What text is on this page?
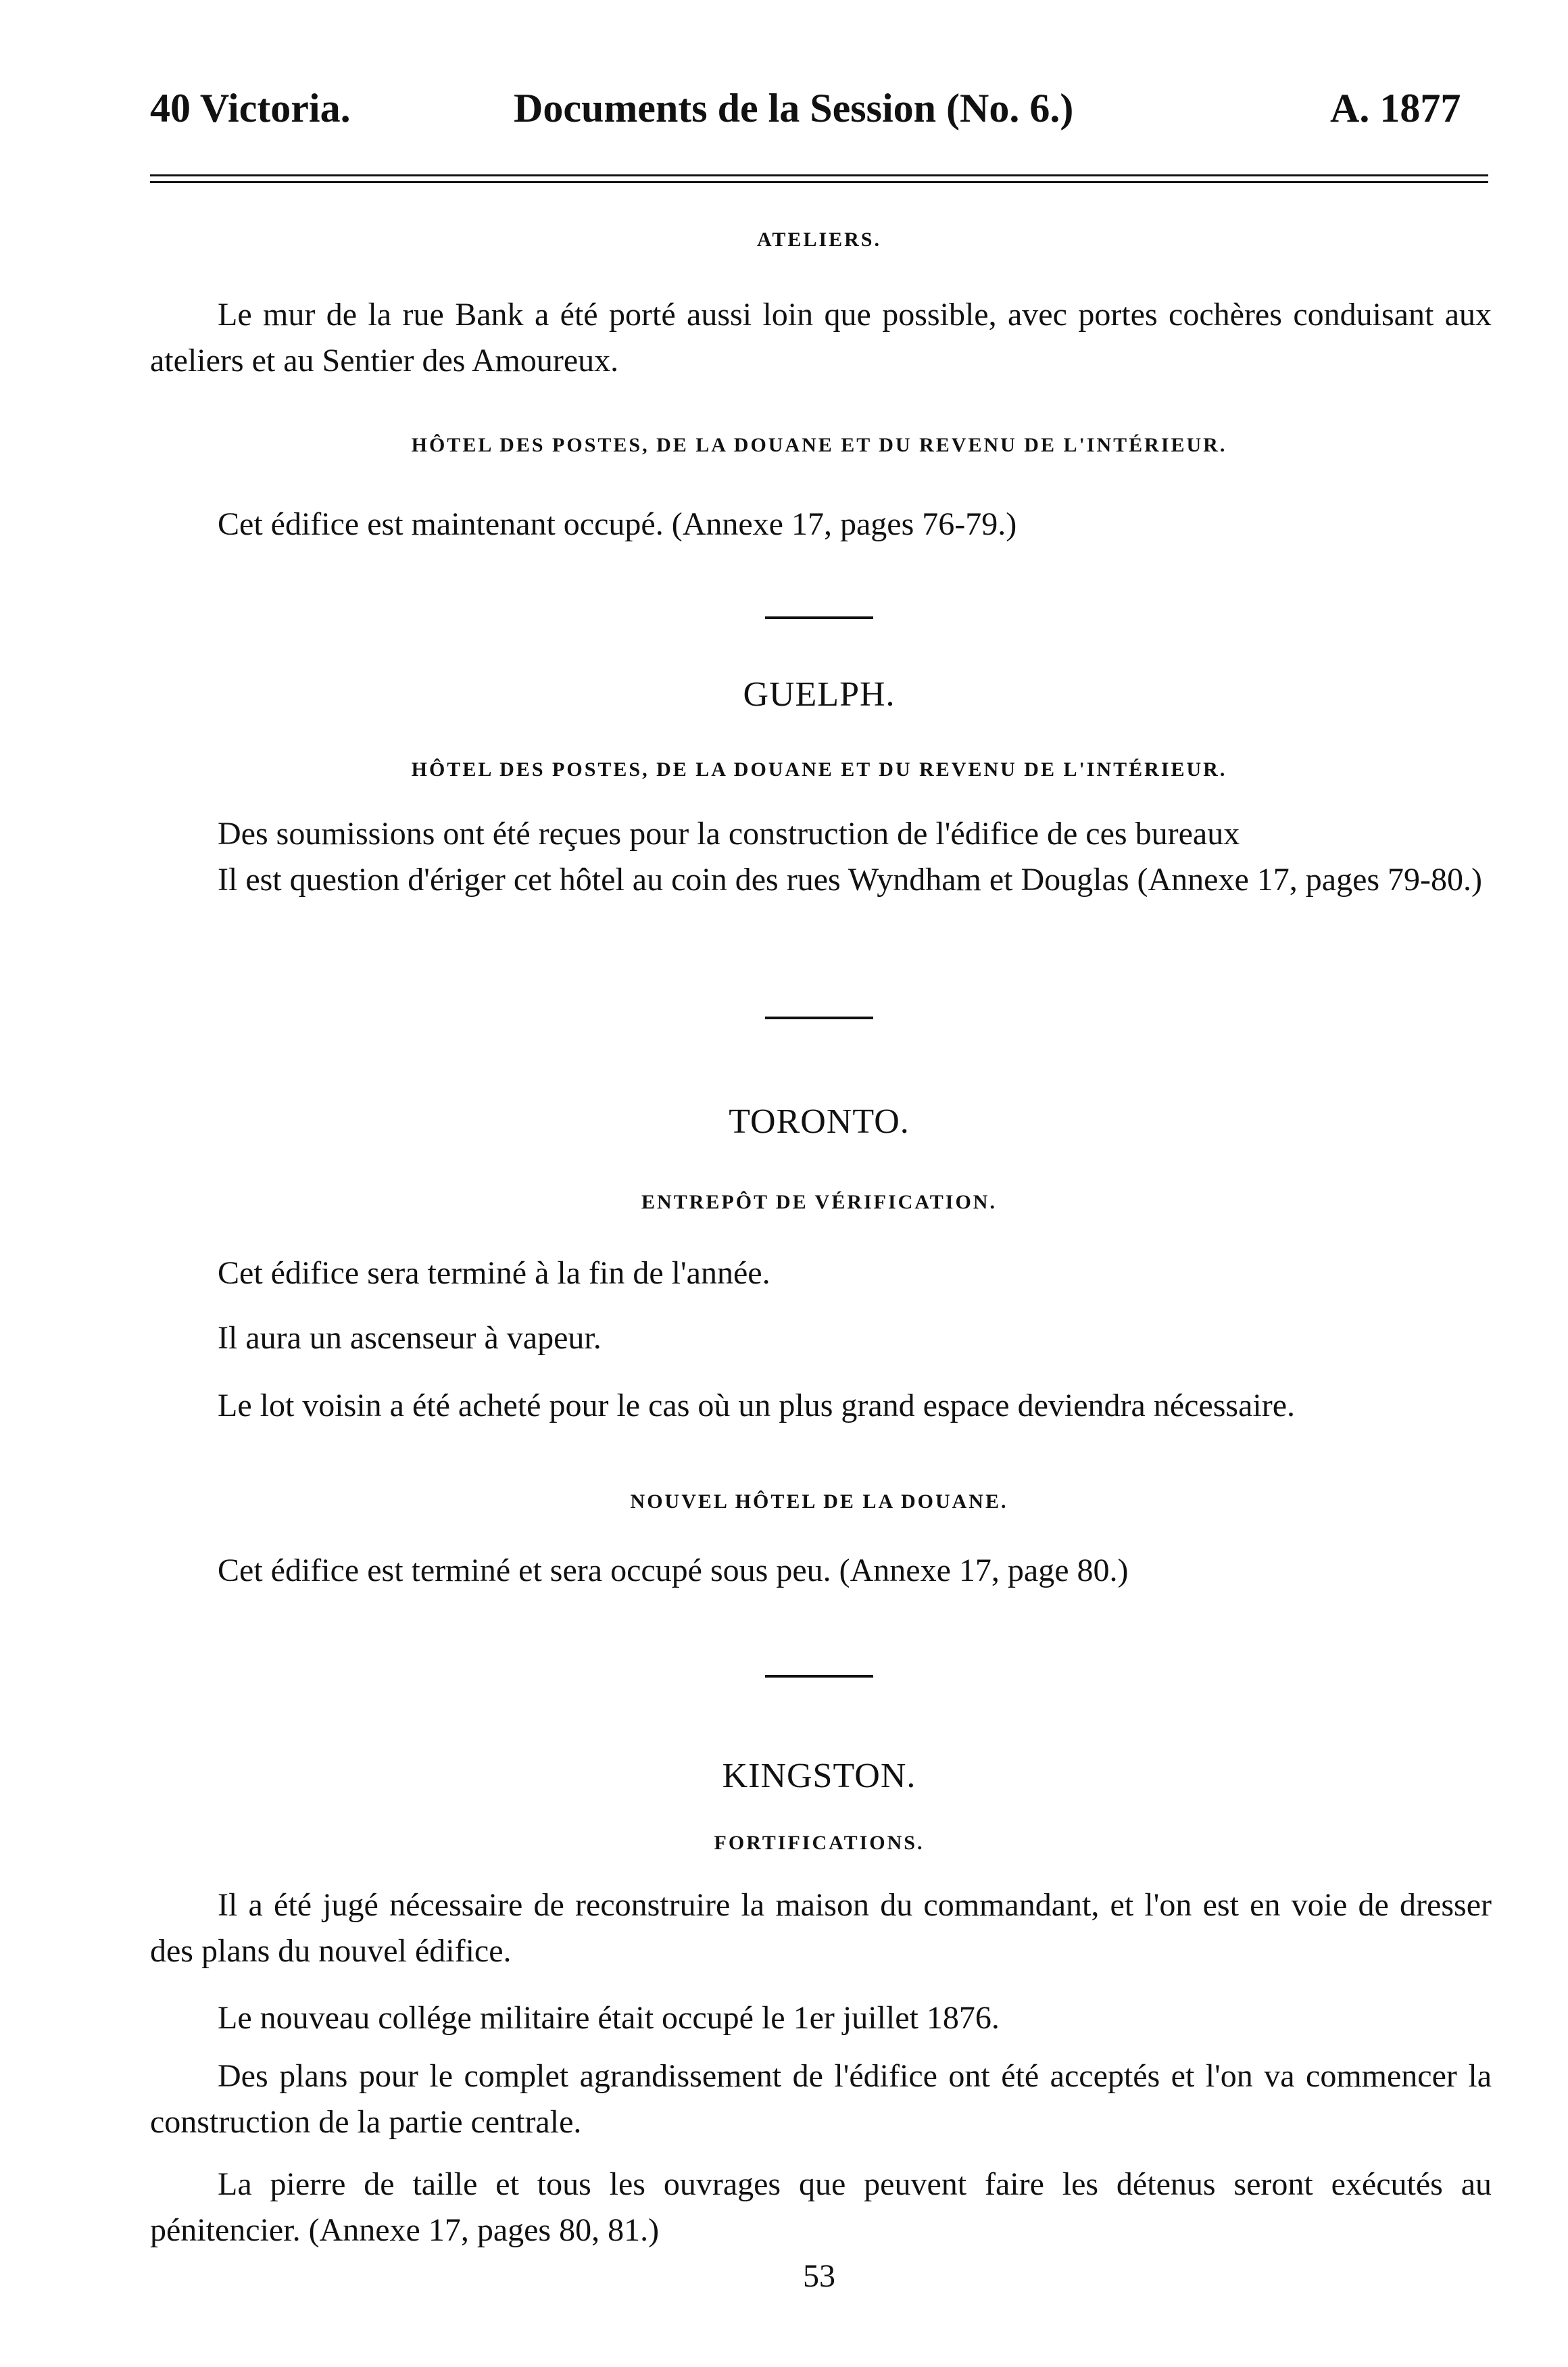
40 Victoria.	Documents de la Session (No. 6.)	A. 1877
ATELIERS.
Le mur de la rue Bank a été porté aussi loin que possible, avec portes cochères conduisant aux ateliers et au Sentier des Amoureux.
HÔTEL DES POSTES, DE LA DOUANE ET DU REVENU DE L'INTÉRIEUR.
Cet édifice est maintenant occupé. (Annexe 17, pages 76-79.)
GUELPH.
HÔTEL DES POSTES, DE LA DOUANE ET DU REVENU DE L'INTÉRIEUR.
Des soumissions ont été reçues pour la construction de l'édifice de ces bureaux
Il est question d'ériger cet hôtel au coin des rues Wyndham et Douglas (Annexe 17, pages 79-80.)
TORONTO.
ENTREPÔT DE VÉRIFICATION.
Cet édifice sera terminé à la fin de l'année.
Il aura un ascenseur à vapeur.
Le lot voisin a été acheté pour le cas où un plus grand espace deviendra nécessaire.
NOUVEL HÔTEL DE LA DOUANE.
Cet édifice est terminé et sera occupé sous peu. (Annexe 17, page 80.)
KINGSTON.
FORTIFICATIONS.
Il a été jugé nécessaire de reconstruire la maison du commandant, et l'on est en voie de dresser des plans du nouvel édifice.
Le nouveau collége militaire était occupé le 1er juillet 1876.
Des plans pour le complet agrandissement de l'édifice ont été acceptés et l'on va commencer la construction de la partie centrale.
La pierre de taille et tous les ouvrages que peuvent faire les détenus seront exécutés au pénitencier. (Annexe 17, pages 80, 81.)
53
